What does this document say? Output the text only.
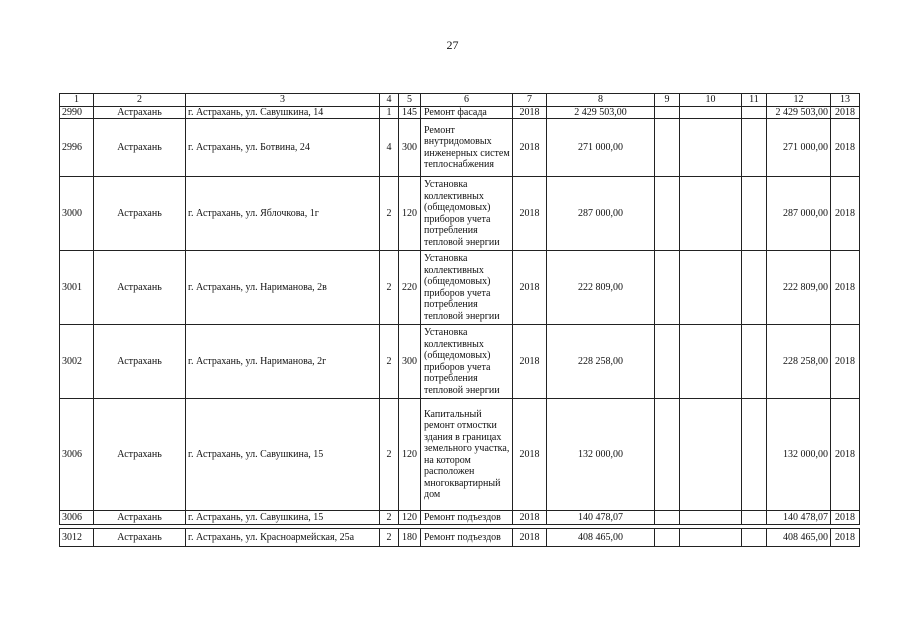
27
1	2	3	4	5	6	7	8	9	10	11	12	13
2990	Астрахань	г. Астрахань, ул. Савушкина, 14	1	145	Ремонт фасада	2018	2 429 503,00				2 429 503,00	2018
2996	Астрахань	г. Астрахань, ул. Ботвина, 24	4	300	Ремонт внутридомовых инженерных систем теплоснабжения	2018	271 000,00				271 000,00	2018
3000	Астрахань	г. Астрахань, ул. Яблочкова, 1г	2	120	Установка коллективных (общедомовых) приборов учета потребления тепловой энергии	2018	287 000,00				287 000,00	2018
3001	Астрахань	г. Астрахань, ул. Нариманова, 2в	2	220	Установка коллективных (общедомовых) приборов учета потребления тепловой энергии	2018	222 809,00				222 809,00	2018
3002	Астрахань	г. Астрахань, ул. Нариманова, 2г	2	300	Установка коллективных (общедомовых) приборов учета потребления тепловой энергии	2018	228 258,00				228 258,00	2018
3006	Астрахань	г. Астрахань, ул. Савушкина, 15	2	120	Капитальный ремонт отмостки здания в границах земельного участка, на котором расположен многоквартирный дом	2018	132 000,00				132 000,00	2018
3006	Астрахань	г. Астрахань, ул. Савушкина, 15	2	120	Ремонт подъездов	2018	140 478,07				140 478,07	2018

3012	Астрахань	г. Астрахань, ул. Красноармейская, 25а	2	180	Ремонт подъездов	2018	408 465,00				408 465,00	2018
